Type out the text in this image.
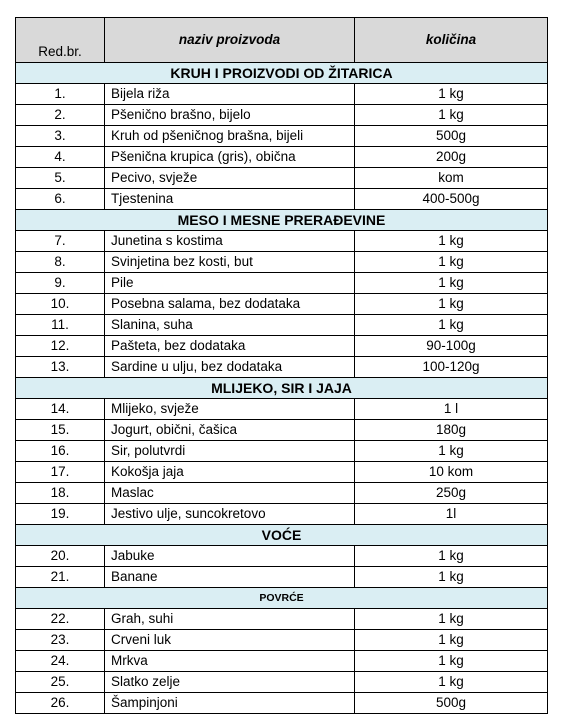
Red.br.	naziv proizvoda	količina
KRUH I PROIZVODI OD ŽITARICA		
1.	Bijela riža	1 kg
2.	Pšenično brašno, bijelo	1 kg
3.	Kruh od pšeničnog brašna, bijeli	500g
4.	Pšenična krupica (gris), obična	200g
5.	Pecivo, svježe	kom
6.	Tjestenina	400-500g
MESO I MESNE PRERAĐEVINE		
7.	Junetina s kostima	1 kg
8.	Svinjetina bez kosti, but	1 kg
9.	Pile	1 kg
10.	Posebna salama, bez dodataka	1 kg
11.	Slanina, suha	1 kg
12.	Pašteta, bez dodataka	90-100g
13.	Sardine u ulju, bez dodataka	100-120g
MLIJEKO, SIR I JAJA		
14.	Mlijeko, svježe	1 l
15.	Jogurt, obični, čašica	180g
16.	Sir, polutvrdi	1 kg
17.	Kokošja jaja	10 kom
18.	Maslac	250g
19.	Jestivo ulje, suncokretovo	1l
VOĆE		
20.	Jabuke	1 kg
21.	Banane	1 kg
POVRĆE		
22.	Grah, suhi	1 kg
23.	Crveni luk	1 kg
24.	Mrkva	1 kg
25.	Slatko zelje	1 kg
26.	Šampinjoni	500g
